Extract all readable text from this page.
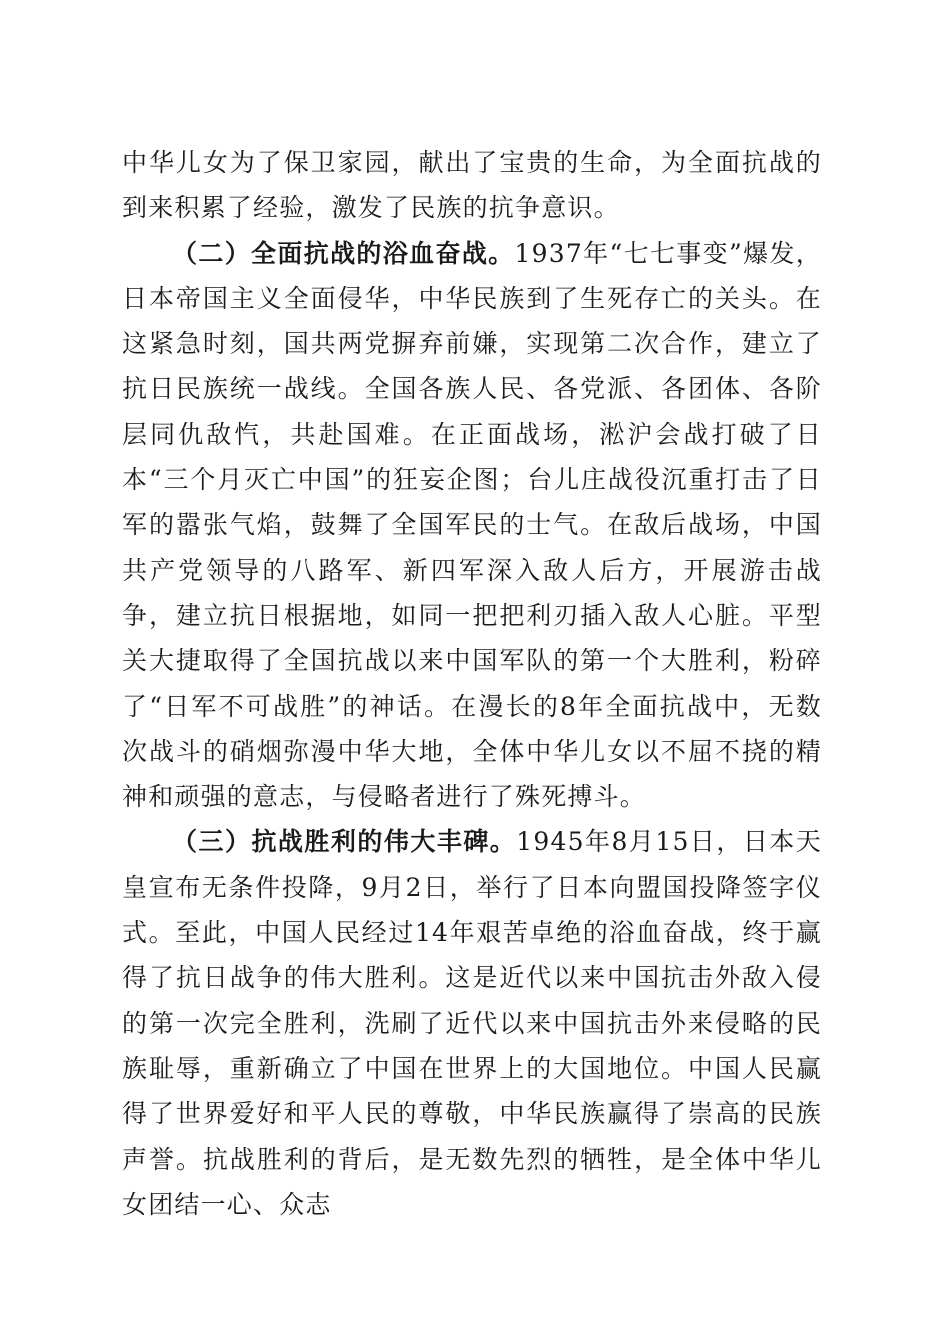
中华儿女为了保卫家园，献出了宝贵的生命，为全面抗战的到来积累了经验，激发了民族的抗争意识。

（二）全面抗战的浴血奋战。1937年“七七事变”爆发，日本帝国主义全面侵华，中华民族到了生死存亡的关头。在这紧急时刻，国共两党摒弃前嫌，实现第二次合作，建立了抗日民族统一战线。全国各族人民、各党派、各团体、各阶层同仇敌忾，共赴国难。在正面战场，淞沪会战打破了日本“三个月灭亡中国”的狂妄企图；台儿庄战役沉重打击了日军的嚣张气焰，鼓舞了全国军民的士气。在敌后战场，中国共产党领导的八路军、新四军深入敌人后方，开展游击战争，建立抗日根据地，如同一把把利刃插入敌人心脏。平型关大捷取得了全国抗战以来中国军队的第一个大胜利，粉碎了“日军不可战胜”的神话。在漫长的8年全面抗战中，无数次战斗的硝烟弥漫中华大地，全体中华儿女以不屈不挠的精神和顽强的意志，与侵略者进行了殊死搏斗。

（三）抗战胜利的伟大丰碑。1945年8月15日，日本天皇宣布无条件投降，9月2日，举行了日本向盟国投降签字仪式。至此，中国人民经过14年艰苦卓绝的浴血奋战，终于赢得了抗日战争的伟大胜利。这是近代以来中国抗击外敌入侵的第一次完全胜利，洗刷了近代以来中国抗击外来侵略的民族耻辱，重新确立了中国在世界上的大国地位。中国人民赢得了世界爱好和平人民的尊敬，中华民族赢得了崇高的民族声誉。抗战胜利的背后，是无数先烈的牺牲，是全体中华儿女团结一心、众志
